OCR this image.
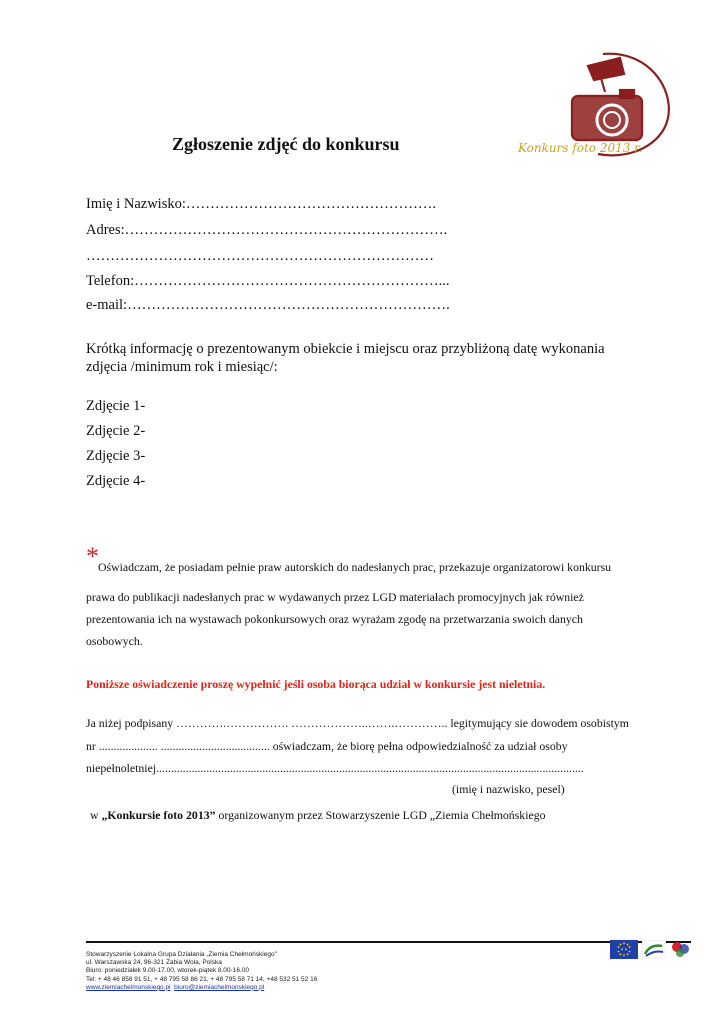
Konkurs foto 2013 r.
Zgłoszenie zdjęć do konkursu

Imię i Nazwisko:…………………………………………….

Adres:………………………………………………………….

………………………………………………………………

Telefon:………………………………………………………...

e-mail:………………………………………………………….

Krótką informację o prezentowanym obiekcie i miejscu oraz przybliżoną datę wykonania

zdjęcia /minimum rok i miesiąc/:

Zdjęcie 1-

Zdjęcie 2-

Zdjęcie 3-

Zdjęcie 4-

* Oświadczam, że posiadam pełnie praw autorskich do nadesłanych prac, przekazuje organizatorowi konkursu

prawa do publikacji nadesłanych prac w wydawanych przez LGD materiałach promocyjnych jak również

prezentowania ich na wystawach pokonkursowych oraz wyrażam zgodę na przetwarzania swoich danych

osobowych.

Poniższe oświadczenie proszę wypełnić jeśli osoba biorąca udział w konkursie jest nieletnia.

Ja niżej podpisany ………….……………. ………………..…….………….. legitymujący sie dowodem osobistym

nr .................... ..................................... oświadczam, że biorę pełna odpowiedzialność za udział osoby

niepełnoletniej.................................................................................................................................................

(imię i nazwisko, pesel)

w „Konkursie foto 2013” organizowanym przez Stowarzyszenie LGD „Ziemia Chełmońskiego

Stowarzyszenie Lokalna Grupa Działania „Ziemia Chełmońskiego"
ul. Warszawska 24, 96-321 Żabia Wola, Polska
Biuro: poniedziałek 9.00-17.00, wtorek-piątek 8.00-16.00
Tel: + 48 46 858 91 51, + 48 795 58 86 21, + 48 795 58 71 14, +48 532 51 52 16
www.ziemiachelmonskiego.pl biuro@ziemiachelmonskiego.pl
